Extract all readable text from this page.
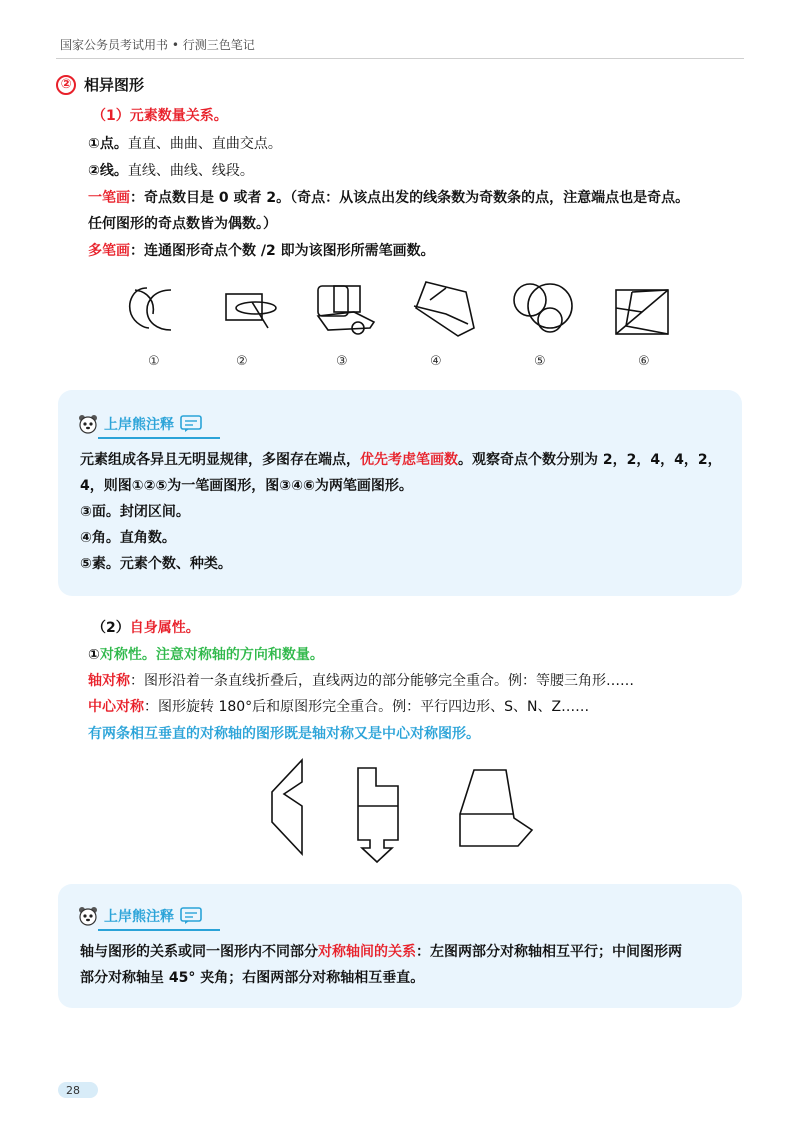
国家公务员考试用书 • 行测三色笔记
② 相异图形
（1）元素数量关系。
①点。直直、曲曲、直曲交点。
②线。直线、曲线、线段。
一笔画：奇点数目是 0 或者 2。（奇点：从该点出发的线条数为奇数条的点，注意端点也是奇点。
任何图形的奇点数皆为偶数。）
多笔画：连通图形奇点个数 /2 即为该图形所需笔画数。
①	②	③	④	⑤	⑥
上岸熊注释
元素组成各异且无明显规律，多图存在端点，优先考虑笔画数。观察奇点个数分别为 2，2，4，4，2，
4，则图①②⑤为一笔画图形，图③④⑥为两笔画图形。
③面。封闭区间。
④角。直角数。
⑤素。元素个数、种类。
（2）自身属性。
①对称性。注意对称轴的方向和数量。
轴对称：图形沿着一条直线折叠后，直线两边的部分能够完全重合。例：等腰三角形……
中心对称：图形旋转 180°后和原图形完全重合。例：平行四边形、S、N、Z……
有两条相互垂直的对称轴的图形既是轴对称又是中心对称图形。
上岸熊注释
轴与图形的关系或同一图形内不同部分对称轴间的关系：左图两部分对称轴相互平行；中间图形两
部分对称轴呈 45° 夹角；右图两部分对称轴相互垂直。
28
